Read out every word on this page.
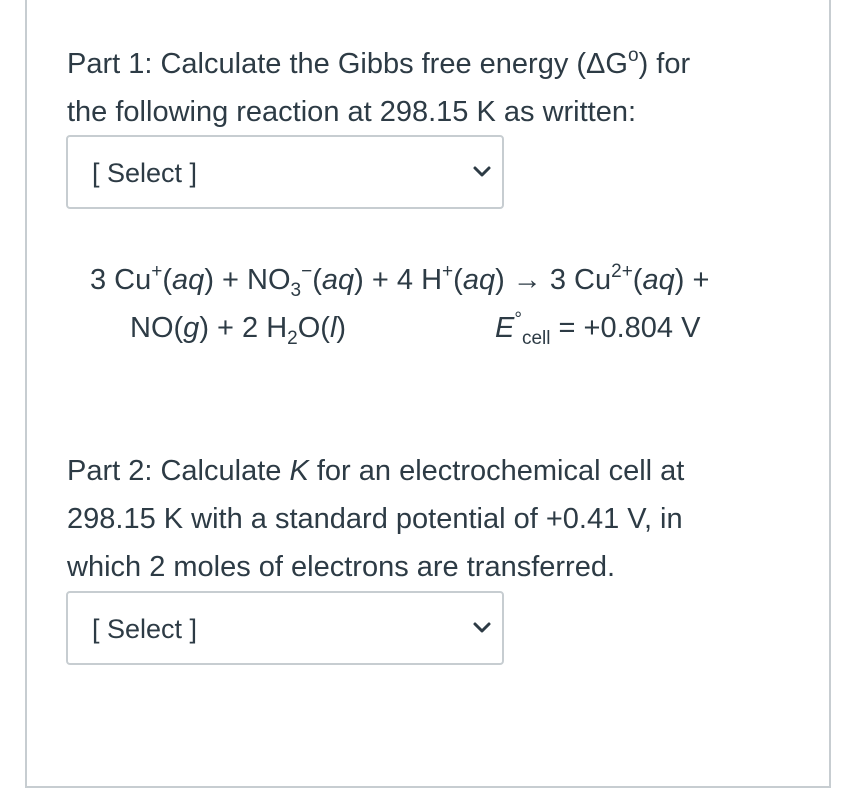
Part 1: Calculate the Gibbs free energy $(\Delta G^o)$ for
the following reaction at 298.15 K as written:
[ Select ]
3 $Cu^+(aq) + NO_3^-(aq) + 4$ H+(aq) → 3 $Cu^{2+}(aq)$ +
NO(g) + 2 $H_2O(l)$	$E^\circ_{cell} = +0.804$ V
Part 2: Calculate K for an electrochemical cell at
298.15 K with a standard potential of +0.41 V, in
which 2 moles of electrons are transferred.
[ Select ]
